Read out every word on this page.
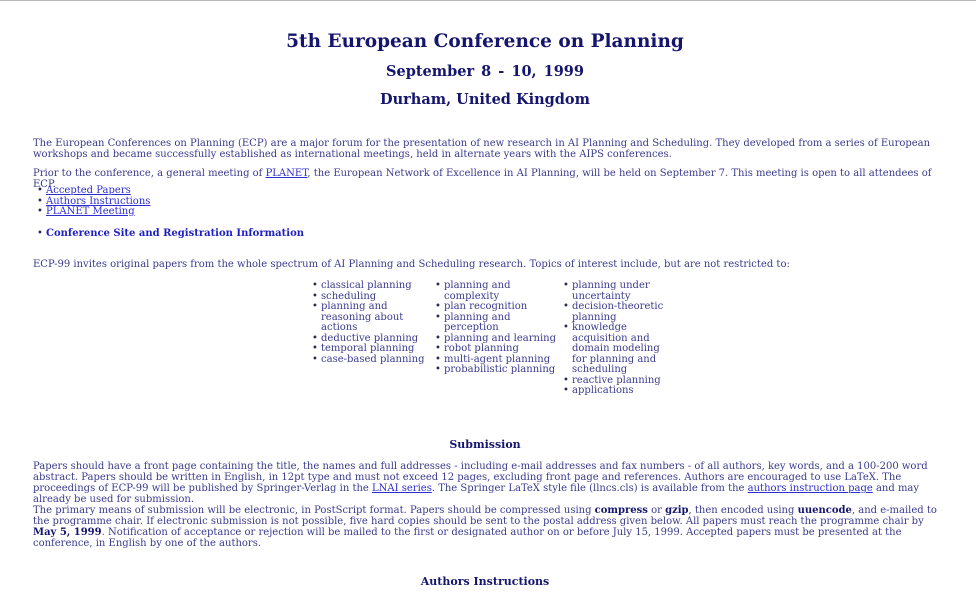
5th European Conference on Planning
September 8 - 10, 1999
Durham, United Kingdom

The European Conferences on Planning (ECP) are a major forum for the presentation of new research in AI Planning and Scheduling. They developed from a series of European workshops and became successfully established as international meetings, held in alternate years with the AIPS conferences.

Prior to the conference, a general meeting of PLANET, the European Network of Excellence in AI Planning, will be held on September 7. This meeting is open to all attendees of ECP.

• Accepted Papers
• Authors Instructions
• PLANET Meeting
• Conference Site and Registration Information

ECP-99 invites original papers from the whole spectrum of AI Planning and Scheduling research. Topics of interest include, but are not restricted to:

• classical planning
• scheduling
• planning and reasoning about actions
• deductive planning
• temporal planning
• case-based planning
• planning and complexity
• plan recognition
• planning and perception
• planning and learning
• robot planning
• multi-agent planning
• probabilistic planning
• planning under uncertainty
• decision-theoretic planning
• knowledge acquisition and domain modeling for planning and scheduling
• reactive planning
• applications
Submission

Papers should have a front page containing the title, the names and full addresses - including e-mail addresses and fax numbers - of all authors, key words, and a 100-200 word abstract. Papers should be written in English, in 12pt type and must not exceed 12 pages, excluding front page and references. Authors are encouraged to use LaTeX. The proceedings of ECP-99 will be published by Springer-Verlag in the LNAI series. The Springer LaTeX style file (llncs.cls) is available from the authors instruction page and may already be used for submission.
The primary means of submission will be electronic, in PostScript format. Papers should be compressed using compress or gzip, then encoded using uuencode, and e-mailed to the programme chair. If electronic submission is not possible, five hard copies should be sent to the postal address given below. All papers must reach the programme chair by May 5, 1999. Notification of acceptance or rejection will be mailed to the first or designated author on or before July 15, 1999. Accepted papers must be presented at the conference, in English by one of the authors.

Authors Instructions
